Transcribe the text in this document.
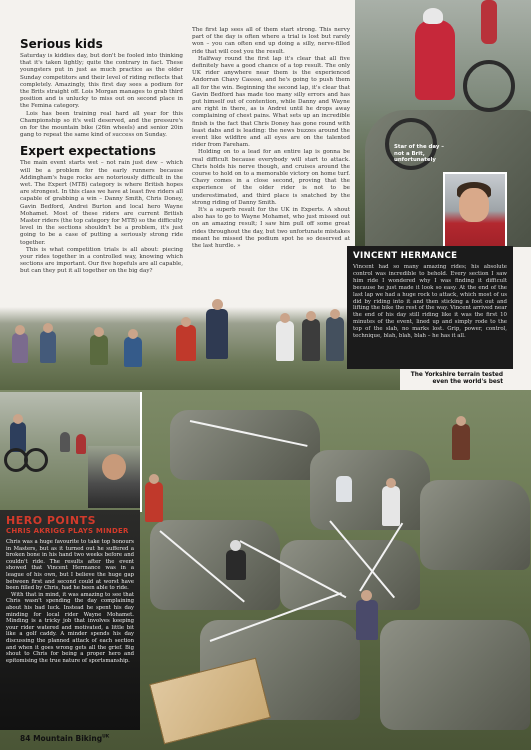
Serious kids

Saturday is kiddies day, but don't be fooled into thinking that it's taken lightly; quite the contrary in fact. These youngsters put in just as much practice as the older Sunday competitors and their level of riding reflects that completely. Amazingly, this first day sees a podium for the Brits straight off. Lois Morgan manages to grab third position and is unlucky to miss out on second place in the Femina category.

Lois has been training real hard all year for this Championship so it's well deserved, and the pressure's on for the mountain bike (26in wheels) and senior 20in gang to repeat the same kind of success on Sunday.

Expert expectations

The main event starts wet – not rain just dew – which will be a problem for the early runners because Addingham's huge rocks are notoriously difficult in the wet. The Expert (MTB) category is where British hopes are strongest. In this class we have at least five riders all capable of grabbing a win – Danny Smith, Chris Doney, Gavin Bedford, Andrei Burton and local hero Wayne Mohamet. Most of these riders are current British Master riders (the top category for MTB) so the difficulty level in the sections shouldn't be a problem, it's just going to be a case of putting a seriously strong ride together.

This is what competition trials is all about: piecing your rides together in a controlled way, knowing which sections are important. Our five hopefuls are all capable, but can they put it all together on the big day?

The first lap sees all of them start strong. This nervy part of the day is often where a trial is lost but rarely won – you can often end up doing a silly, nerve-filled ride that will cost you the result.

Halfway round the first lap it's clear that all five definitely have a good chance of a top result. The only UK rider anywhere near them is the experienced Andorran Chavy Cassso, and he's going to push them all for the win. Beginning the second lap, it's clear that Gavin Bedford has made too many silly errors and has put himself out of contention, while Danny and Wayne are right in there, as is Andrei until he drops away complaining of chest pains. What sets up an incredible finish is the fact that Chris Doney has gone round with least dabs and is leading: the news buzzes around the event like wildfire and all eyes are on the talented rider from Fareham.

Holding on to a lead for an entire lap is gonna be real difficult because everybody will start to attack. Chris holds his nerve though, and cruises around the course to hold on to a memorable victory on home turf. Chavy comes in a close second, proving that the experience of the older rider is not to be underestimated, and third place is snatched by the strong riding of Danny Smith.

It's a superb result for the UK in Experts. A shout also has to go to Wayne Mohamet, who just missed out on an amazing result; I saw him pull off some great rides throughout the day, but two unfortunate mistakes meant he missed the podium spot he so deserved at the last hurdle. »

Star of the day – not a Brit, unfortunately
VINCENT HERMANCE
Vincent had so many amazing rides; his absolute control was incredible to behold. Every section I saw him ride I wondered why I was finding it difficult because he just made it look so easy. At the end of the last lap we had a huge rock to attack, which most of us did by riding into it and then sticking a foot out and lifting the bike the rest of the way. Vincent arrived near the end of his day still riding like it was the first 10 minutes of the event, lined up and simply rode to the top of the slab, no marks lost. Grip, power, control, technique, blah, blah, blah – he has it all.
The Yorkshire terrain tested even the world's best
HERO POINTS
CHRIS AKRIGG PLAYS MINDER

Chris was a huge favourite to take top honours in Masters, but as it turned out he suffered a broken bone in his hand two weeks before and couldn't ride. The results after the event showed that Vincent Hermance was in a league of his own, but I believe the huge gap between first and second could at worst have been filled by Chris, had he been able to ride.

With that in mind, it was amazing to see that Chris wasn't spending the day complaining about his bad luck. Instead he spent his day minding for local rider Wayne Mohamet. Minding is a tricky job that involves keeping your rider watered and motivated, a little bit like a golf caddy. A minder spends his day discussing the planned attack of each section and when it goes wrong gets all the grief. Big shout to Chris for being a proper hero and epitomising the true nature of sportsmanship.

84 Mountain Biking$^{UK}$
